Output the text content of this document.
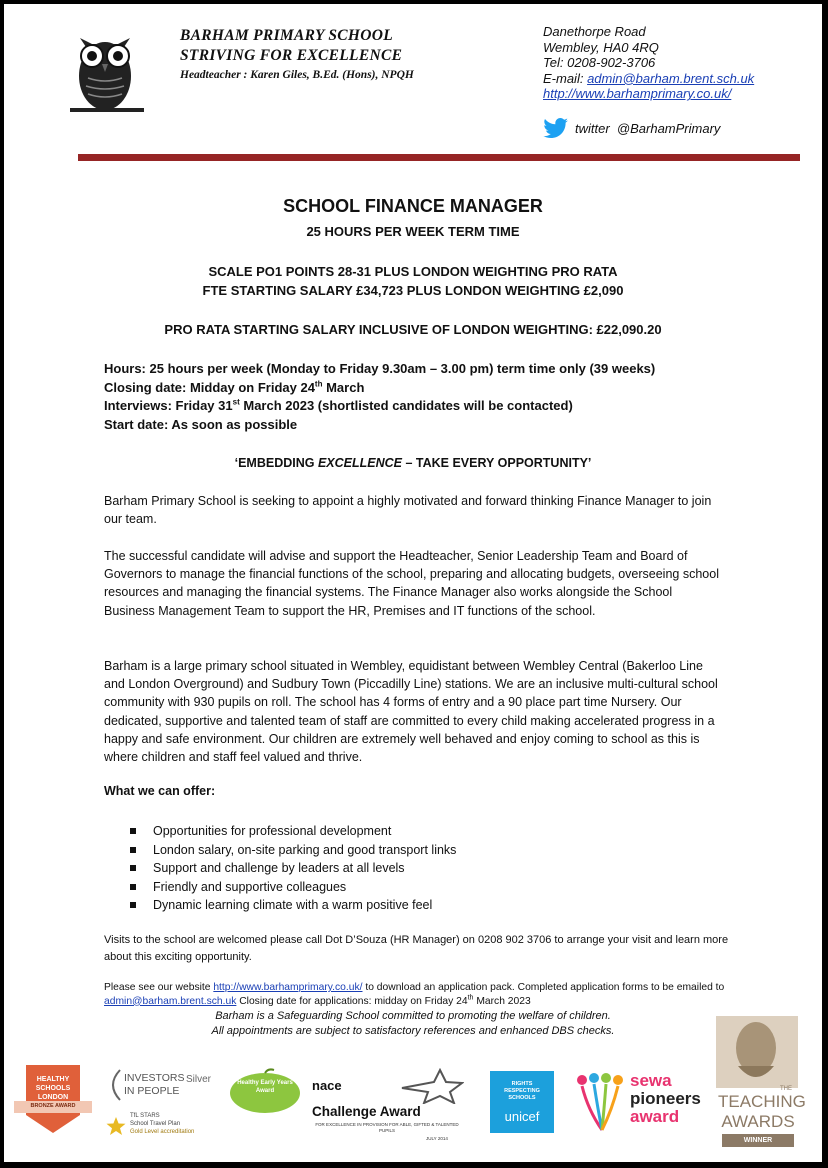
BARHAM PRIMARY SCHOOL
STRIVING FOR EXCELLENCE
Headteacher : Karen Giles, B.Ed. (Hons), NPQH
Danethorpe Road
Wembley, HA0 4RQ
Tel: 0208-902-3706
E-mail: admin@barham.brent.sch.uk
http://www.barhamprimary.co.uk/
twitter
@BarhamPrimary
SCHOOL FINANCE MANAGER
25 HOURS PER WEEK TERM TIME
SCALE PO1 POINTS 28-31 PLUS LONDON WEIGHTING PRO RATA
FTE STARTING SALARY £34,723 PLUS LONDON WEIGHTING £2,090
PRO RATA STARTING SALARY INCLUSIVE OF LONDON WEIGHTING: £22,090.20
Hours: 25 hours per week (Monday to Friday 9.30am – 3.00 pm) term time only (39 weeks)
Closing date: Midday on Friday 24th March
Interviews: Friday 31st March 2023 (shortlisted candidates will be contacted)
Start date: As soon as possible
‘EMBEDDING EXCELLENCE – TAKE EVERY OPPORTUNITY’
Barham Primary School is seeking to appoint a highly motivated and forward thinking Finance Manager to join our team.
The successful candidate will advise and support the Headteacher, Senior Leadership Team and Board of Governors to manage the financial functions of the school, preparing and allocating budgets, overseeing school resources and managing the financial systems. The Finance Manager also works alongside the School Business Management Team to support the HR, Premises and IT functions of the school.
Barham is a large primary school situated in Wembley, equidistant between Wembley Central (Bakerloo Line and London Overground) and Sudbury Town (Piccadilly Line) stations. We are an inclusive multi-cultural school community with 930 pupils on roll. The school has 4 forms of entry and a 90 place part time Nursery. Our dedicated, supportive and talented team of staff are committed to every child making accelerated progress in a happy and safe environment. Our children are extremely well behaved and enjoy coming to school as this is where children and staff feel valued and thrive.
What we can offer:
Opportunities for professional development
London salary, on-site parking and good transport links
Support and challenge by leaders at all levels
Friendly and supportive colleagues
Dynamic learning climate with a warm positive feel
Visits to the school are welcomed please call Dot D’Souza (HR Manager) on 0208 902 3706 to arrange your visit and learn more about this exciting opportunity.
Please see our website http://www.barhamprimary.co.uk/ to download an application pack. Completed application forms to be emailed to admin@barham.brent.sch.uk Closing date for applications: midday on Friday 24th March 2023
Barham is a Safeguarding School committed to promoting the welfare of children.
All appointments are subject to satisfactory references and enhanced DBS checks.
HEALTHY SCHOOLS LONDON
BRONZE AWARD
INVESTORS IN PEOPLE
Silver
TfL STARS
School Travel Plan
Gold Level accreditation
Healthy Early Years Award	nace
Challenge Award
FOR EXCELLENCE IN PROVISION FOR ABLE, GIFTED & TALENTED PUPILS
JULY 2014
RIGHTS RESPECTING SCHOOLS
unicef
sewa
pioneers
award
THE
TEACHING
AWARDS
WINNER
